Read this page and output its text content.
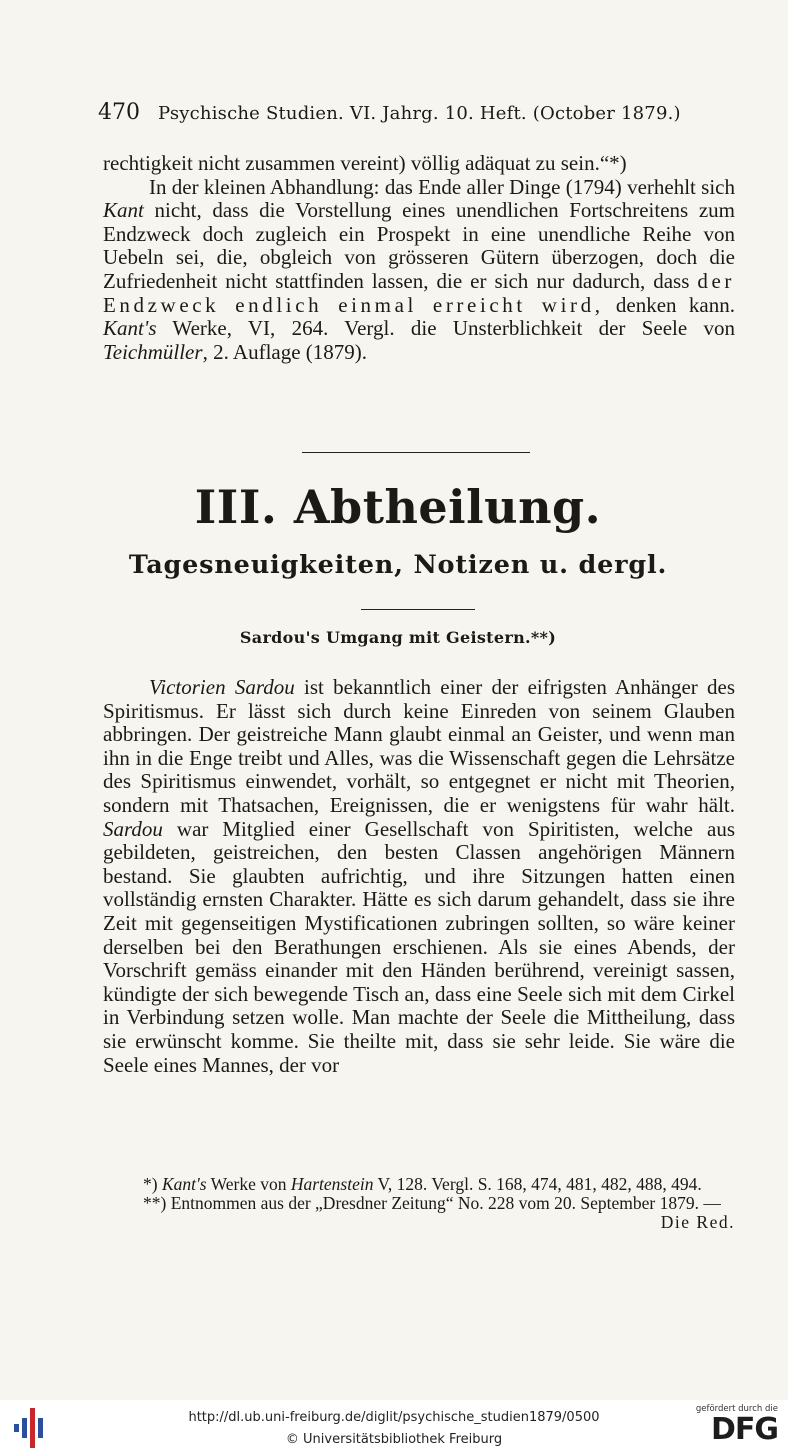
470 Psychische Studien. VI. Jahrg. 10. Heft. (October 1879.)

rechtigkeit nicht zusammen vereint) völlig adäquat zu sein.“*)

In der kleinen Abhandlung: das Ende aller Dinge (1794) verhehlt sich Kant nicht, dass die Vorstellung eines unendlichen Fortschreitens zum Endzweck doch zugleich ein Prospekt in eine unendliche Reihe von Uebeln sei, die, obgleich von grösseren Gütern überzogen, doch die Zufriedenheit nicht stattfinden lassen, die er sich nur dadurch, dass der Endzweck endlich einmal erreicht wird, denken kann. Kant's Werke, VI, 264. Vergl. die Unsterblichkeit der Seele von Teichmüller, 2. Auflage (1879).

III. Abtheilung.
Tagesneuigkeiten, Notizen u. dergl.
Sardou's Umgang mit Geistern.**)

Victorien Sardou ist bekanntlich einer der eifrigsten Anhänger des Spiritismus. Er lässt sich durch keine Einreden von seinem Glauben abbringen. Der geistreiche Mann glaubt einmal an Geister, und wenn man ihn in die Enge treibt und Alles, was die Wissenschaft gegen die Lehrsätze des Spiritismus einwendet, vorhält, so entgegnet er nicht mit Theorien, sondern mit Thatsachen, Ereignissen, die er wenigstens für wahr hält. Sardou war Mitglied einer Gesellschaft von Spiritisten, welche aus gebildeten, geistreichen, den besten Classen angehörigen Männern bestand. Sie glaubten aufrichtig, und ihre Sitzungen hatten einen vollständig ernsten Charakter. Hätte es sich darum gehandelt, dass sie ihre Zeit mit gegenseitigen Mystificationen zubringen sollten, so wäre keiner derselben bei den Berathungen erschienen. Als sie eines Abends, der Vorschrift gemäss einander mit den Händen berührend, vereinigt sassen, kündigte der sich bewegende Tisch an, dass eine Seele sich mit dem Cirkel in Verbindung setzen wolle. Man machte der Seele die Mittheilung, dass sie erwünscht komme. Sie theilte mit, dass sie sehr leide. Sie wäre die Seele eines Mannes, der vor

*) Kant's Werke von Hartenstein V, 128. Vergl. S. 168, 474, 481, 482, 488, 494.

**) Entnommen aus der „Dresdner Zeitung“ No. 228 vom 20. September 1879. —
Die Red.

http://dl.ub.uni-freiburg.de/diglit/psychische_studien1879/0500
© Universitätsbibliothek Freiburg
gefördert durch die
DFG
